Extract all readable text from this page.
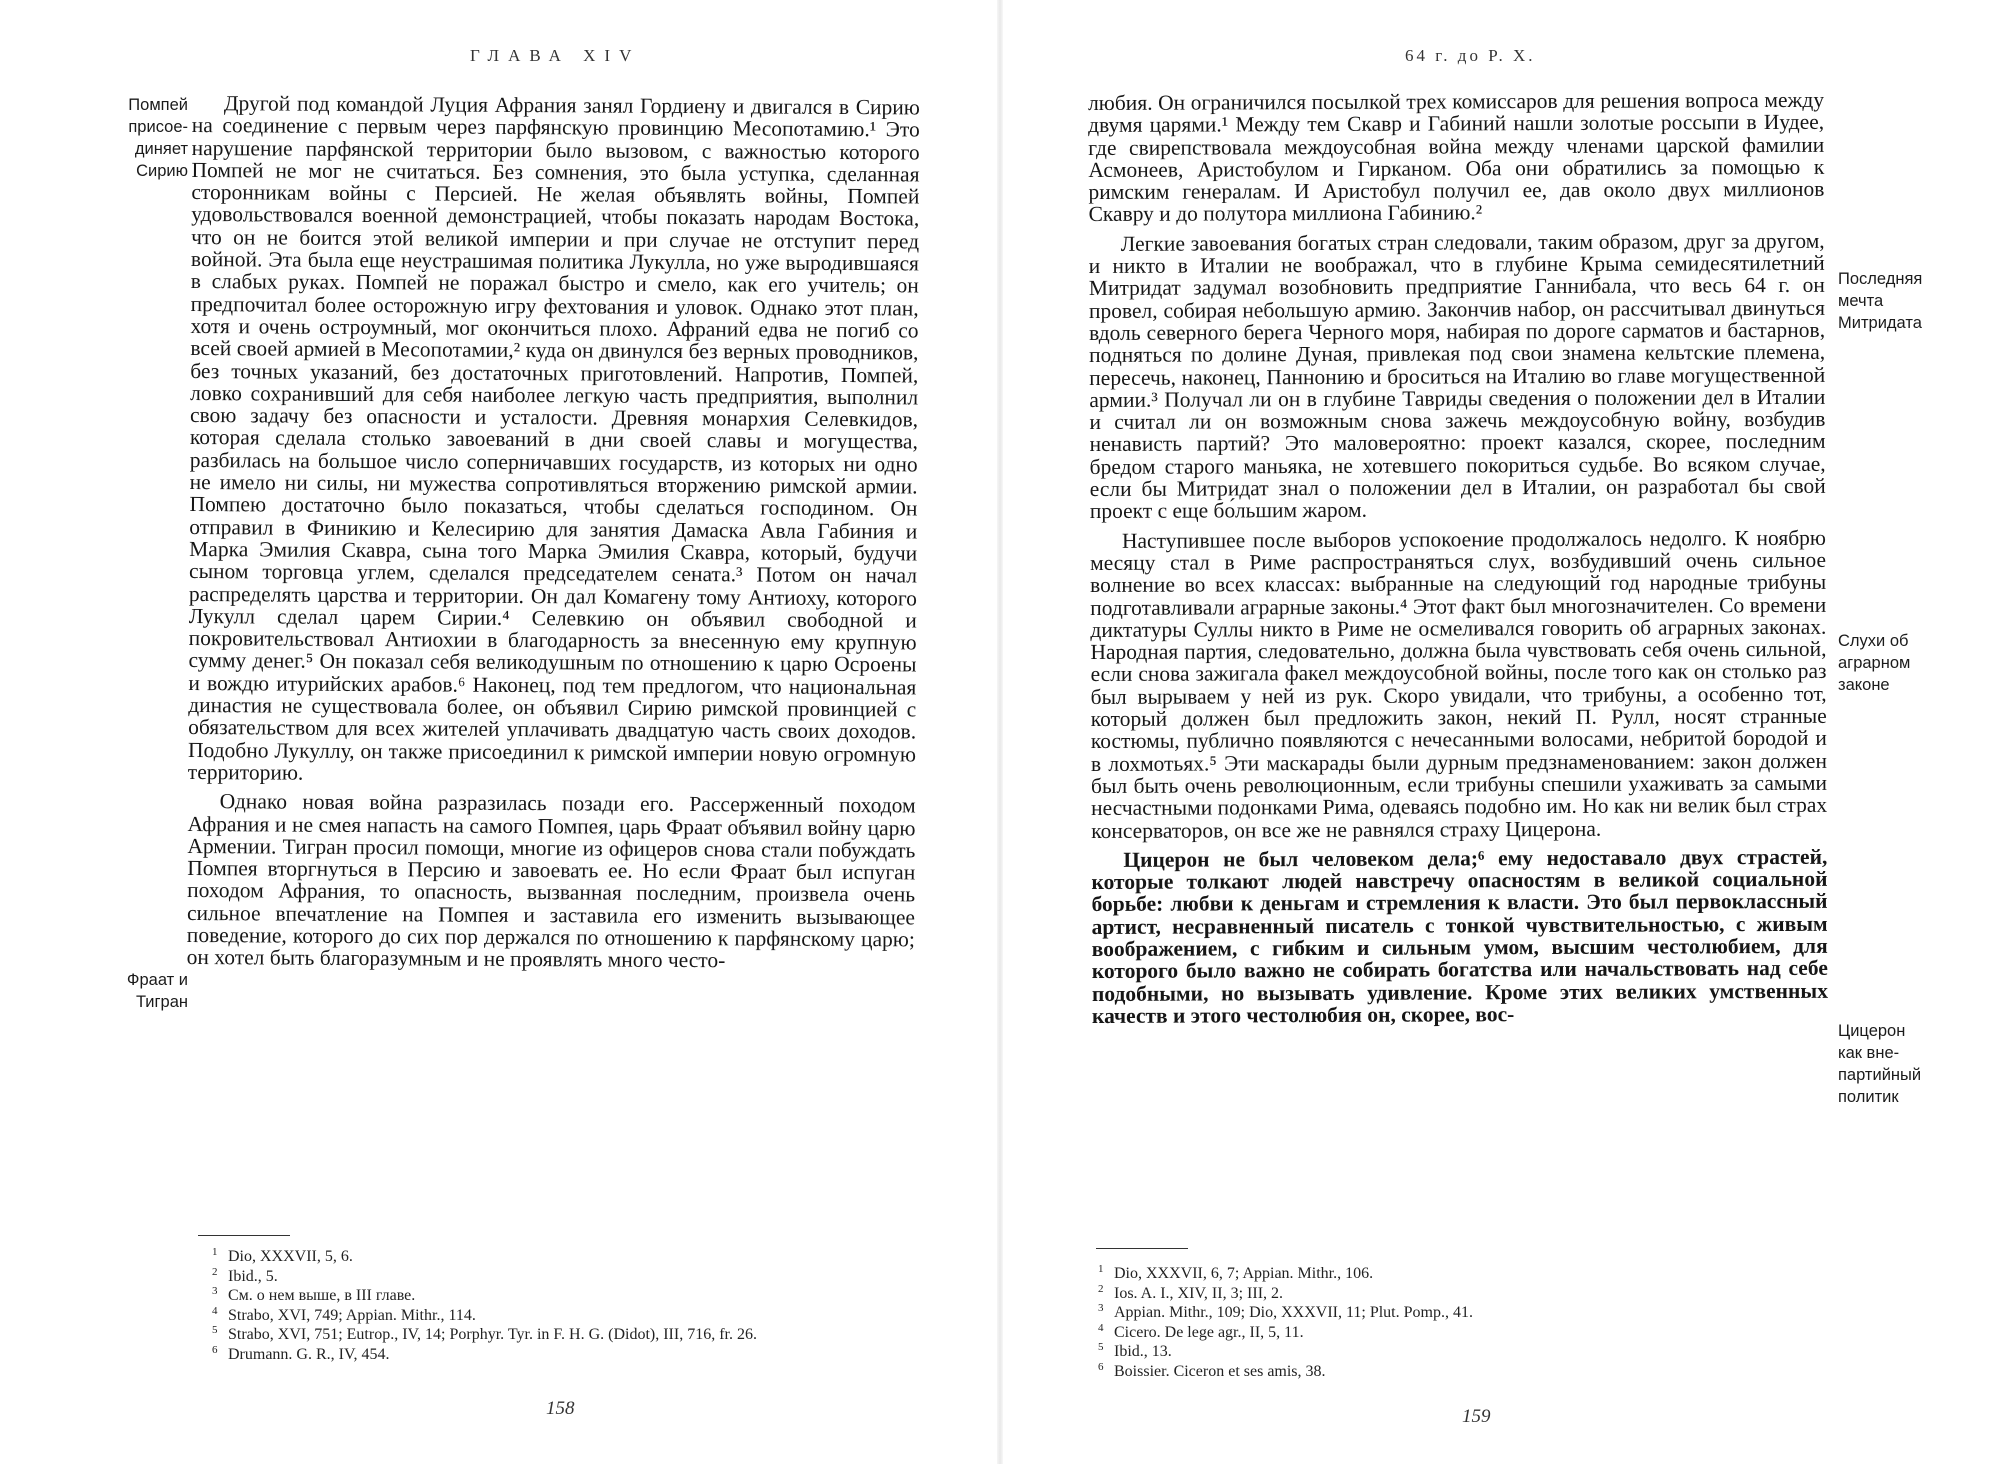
ГЛАВА XIV
Помпей
присое-
диняет
Сирию
Фраат и
Тигран

Другой под командой Луция Афрания занял Гордиену и двигался в Сирию на соединение с первым через парфянскую провинцию Месопотамию.¹ Это нарушение парфянской территории было вызовом, с важностью которого Помпей не мог не считаться. Без сомнения, это была уступка, сделанная сторонникам войны с Персией. Не желая объявлять войны, Помпей удовольствовался военной демонстрацией, чтобы показать народам Востока, что он не боится этой великой империи и при случае не отступит перед войной. Эта была еще неустрашимая политика Лукулла, но уже выродившаяся в слабых руках. Помпей не поражал быстро и смело, как его учитель; он предпочитал более осторожную игру фехтования и уловок. Однако этот план, хотя и очень остроумный, мог окончиться плохо. Афраний едва не погиб со всей своей армией в Месопотамии,² куда он двинулся без верных проводников, без точных указаний, без достаточных приготовлений. Напротив, Помпей, ловко сохранивший для себя наиболее легкую часть предприятия, выполнил свою задачу без опасности и усталости. Древняя монархия Селевкидов, которая сделала столько завоеваний в дни своей славы и могущества, разбилась на большое число соперничавших государств, из которых ни одно не имело ни силы, ни мужества сопротивляться вторжению римской армии. Помпею достаточно было показаться, чтобы сделаться господином. Он отправил в Финикию и Келесирию для занятия Дамаска Авла Габиния и Марка Эмилия Скавра, сына того Марка Эмилия Скавра, который, будучи сыном торговца углем, сделался председателем сената.³ Потом он начал распределять царства и территории. Он дал Комагену тому Антиоху, которого Лукулл сделал царем Сирии.⁴ Селевкию он объявил свободной и покровительствовал Антиохии в благодарность за внесенную ему крупную сумму денег.⁵ Он показал себя великодушным по отношению к царю Осроены и вождю итурийских арабов.⁶ Наконец, под тем предлогом, что национальная династия не существовала более, он объявил Сирию римской провинцией с обязательством для всех жителей уплачивать двадцатую часть своих доходов. Подобно Лукуллу, он также присоединил к римской империи новую огромную территорию.

Однако новая война разразилась позади его. Рассерженный походом Афрания и не смея напасть на самого Помпея, царь Фраат объявил войну царю Армении. Тигран просил помощи, многие из офицеров снова стали побуждать Помпея вторгнуться в Персию и завоевать ее. Но если Фраат был испуган походом Афрания, то опасность, вызванная последним, произвела очень сильное впечатление на Помпея и заставила его изменить вызывающее поведение, которого до сих пор держался по отношению к парфянскому царю; он хотел быть благоразумным и не проявлять много често-

1 Dio, XXXVII, 5, 6.
2 Ibid., 5.
3 См. о нем выше, в III главе.
4 Strabo, XVI, 749; Appian. Mithr., 114.
5 Strabo, XVI, 751; Eutrop., IV, 14; Porphyr. Tyr. in F. H. G. (Didot), III, 716, fr. 26.
6 Drumann. G. R., IV, 454.
158
64 г. до Р. Х.
Последняя
мечта
Митридата
Слухи об
аграрном
законе
Цицерон
как вне-
партийный
политик

любия. Он ограничился посылкой трех комиссаров для решения вопроса между двумя царями.¹ Между тем Скавр и Габиний нашли золотые россыпи в Иудее, где свирепствовала междоусобная война между членами царской фамилии Асмонеев, Аристобулом и Гирканом. Оба они обратились за помощью к римским генералам. И Аристобул получил ее, дав около двух миллионов Скавру и до полутора миллиона Габинию.²

Легкие завоевания богатых стран следовали, таким образом, друг за другом, и никто в Италии не воображал, что в глубине Крыма семидесятилетний Митридат задумал возобновить предприятие Ганнибала, что весь 64 г. он провел, собирая небольшую армию. Закончив набор, он рассчитывал двинуться вдоль северного берега Черного моря, набирая по дороге сарматов и бастарнов, подняться по долине Дуная, привлекая под свои знамена кельтские племена, пересечь, наконец, Паннонию и броситься на Италию во главе могущественной армии.³ Получал ли он в глубине Тавриды сведения о положении дел в Италии и считал ли он возможным снова зажечь междоусобную войну, возбудив ненависть партий? Это маловероятно: проект казался, скорее, последним бредом старого маньяка, не хотевшего покориться судьбе. Во всяком случае, если бы Митридат знал о положении дел в Италии, он разработал бы свой проект с еще бо́льшим жаром.

Наступившее после выборов успокоение продолжалось недолго. К ноябрю месяцу стал в Риме распространяться слух, возбудивший очень сильное волнение во всех классах: выбранные на следующий год народные трибуны подготавливали аграрные законы.⁴ Этот факт был многозначителен. Со времени диктатуры Суллы никто в Риме не осмеливался говорить об аграрных законах. Народная партия, следовательно, должна была чувствовать себя очень сильной, если снова зажигала факел междоусобной войны, после того как он столько раз был вырываем у ней из рук. Скоро увидали, что трибуны, а особенно тот, который должен был предложить закон, некий П. Рулл, носят странные костюмы, публично появляются с нечесанными волосами, небритой бородой и в лохмотьях.⁵ Эти маскарады были дурным предзнаменованием: закон должен был быть очень революционным, если трибуны спешили ухаживать за самыми несчастными подонками Рима, одеваясь подобно им. Но как ни велик был страх консерваторов, он все же не равнялся страху Цицерона.

Цицерон не был человеком дела;⁶ ему недоставало двух страстей, которые толкают людей навстречу опасностям в великой социальной борьбе: любви к деньгам и стремления к власти. Это был первоклассный артист, несравненный писатель с тонкой чувствительностью, с живым воображением, с гибким и сильным умом, высшим честолюбием, для которого было важно не собирать богатства или начальствовать над себе подобными, но вызывать удивление. Кроме этих великих умственных качеств и этого честолюбия он, скорее, вос-

1 Dio, XXXVII, 6, 7; Appian. Mithr., 106.
2 Ios. A. I., XIV, II, 3; III, 2.
3 Appian. Mithr., 109; Dio, XXXVII, 11; Plut. Pomp., 41.
4 Cicero. De lege agr., II, 5, 11.
5 Ibid., 13.
6 Boissier. Ciceron et ses amis, 38.
159
